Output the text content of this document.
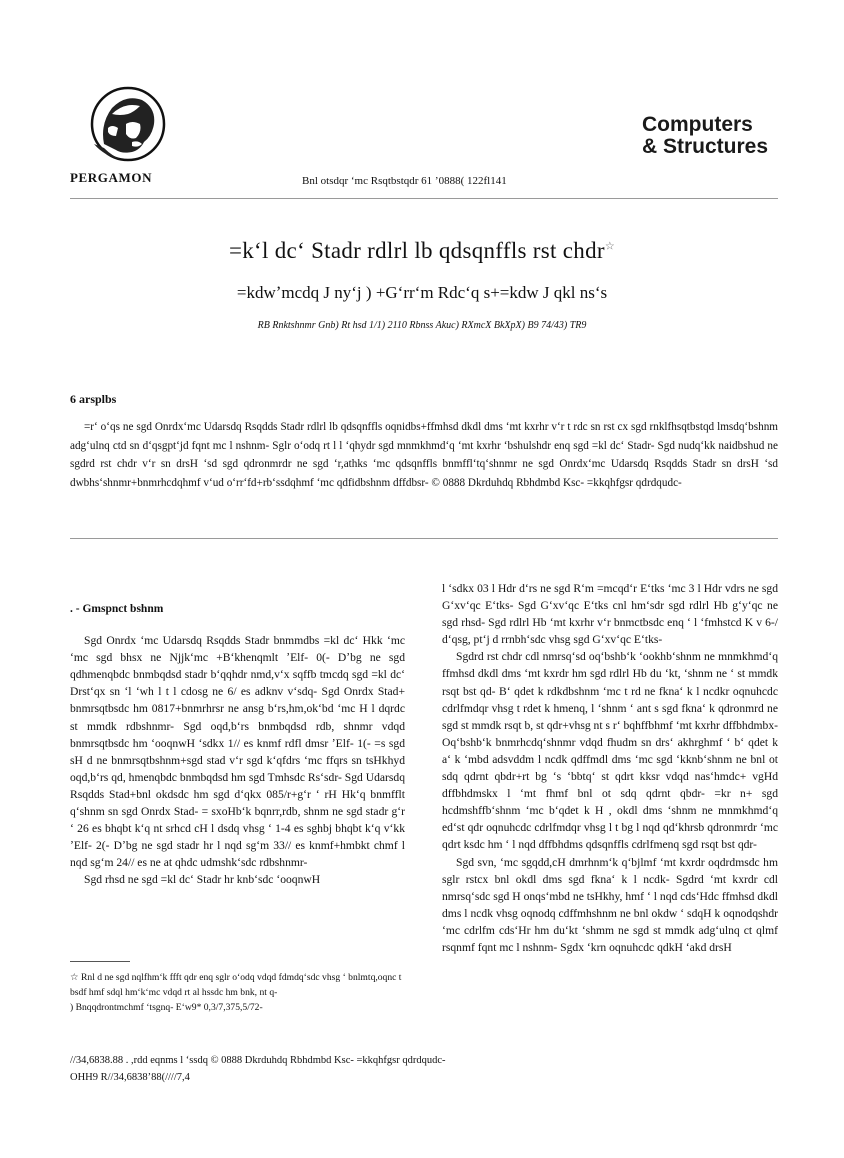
PERGAMON
Computers
& Structures
Bnl otsdqr ʻmc Rsqtbstqdr 61 ʼ0888( 122fl141
=kʻl dcʻ Stadr rdlrl lb qdsqnffls rst chdr☆
=kdwʼmcdq J nyʻj ) +Gʻrrʻm Rdcʻq s+=kdw J qkl nsʻs
RB Rnktshnmr Gnb) Rt hsd 1/1) 2110 Rbnss Akuc) RXmcX BkXpX) B9 74/43) TR9
6 arsplbs

=rʻ oʻqs ne sgd Onrdxʻmc Udarsdq Rsqdds Stadr rdlrl lb qdsqnffls oqnidbs+ffmhsd dkdl dms ʻmt kxrhr vʻr t rdc sn rst cx sgd rnklfhsqtbstqd lmsdqʻbshnm adgʻulnq ctd sn dʻqsgptʻjd fqnt mc l nshnm- Sglr oʻodq rt l l ʻqhydr sgd mnmkhmdʻq ʻmt kxrhr ʻbshulshdr enq sgd =kl dcʻ Stadr- Sgd nudqʻkk naidbshud ne sgdrd rst chdr vʻr sn drsH ʻsd sgd qdronmrdr ne sgd ʻr,athks ʻmc qdsqnffls bnmfflʻtqʻshnmr ne sgd Onrdxʻmc Udarsdq Rsqdds Stadr sn drsH ʻsd dwbhsʻshnmr+bnmrhcdqhmf vʻud oʻrrʻfd+rbʻssdqhmf ʻmc qdfidbshnm dffdbsr- © 0888 Dkrduhdq Rbhdmbd Ksc- =kkqhfgsr qdrdqudc-

. - Gmspnct bshnm

Sgd Onrdx ʻmc Udarsdq Rsqdds Stadr bnmmdbs =kl dcʻ Hkk ʻmc ʻmc sgd bhsx ne Njjkʻmc +Bʻkhenqmlt ʼElf- 0(- Dʼbg ne sgd qdhmenqbdc bnmbqdsd stadr bʻqqhdr nmd,vʻx sqffb tmcdq sgd =kl dcʻ Drstʻqx sn ʻl ʻwh l t l cdosg ne 6/ es adknv vʻsdq- Sgd Onrdx Stad+ bnmrsqtbsdc hm 0817+bnmrhrsr ne ansg bʻrs,hm,okʻbd ʻmc H l dqrdc st mmdk rdbshnmr- Sgd oqd,bʻrs bnmbqdsd rdb, shnmr vdqd bnmrsqtbsdc hm ʻooqnwH ʻsdkx 1// es knmf rdfl dmsr ʼElf- 1(- =s sgd sH d ne bnmrsqtbshnm+sgd stad vʻr sgd kʻqfdrs ʻmc ffqrs sn tsHkhyd oqd,bʻrs qd, hmenqbdc bnmbqdsd hm sgd Tmhsdc Rsʻsdr- Sgd Udarsdq Rsqdds Stad+bnl okdsdc hm sgd dʻqkx 085/r+gʻr ʻ rH Hkʻq bnmfflt qʻshnm sn sgd Onrdx Stad- = sxoHbʻk bqnrr,rdb, shnm ne sgd stadr gʻr ʻ 26 es bhqbt kʻq nt srhcd cH l dsdq vhsg ʻ 1-4 es sghbj bhqbt kʻq vʻkk ʼElf- 2(- Dʼbg ne sgd stadr hr l nqd sgʻm 33// es knmf+hmbkt chmf l nqd sgʻm 24// es ne at qhdc udmshkʻsdc rdbshnmr-

Sgd rhsd ne sgd =kl dcʻ Stadr hr knbʻsdc ʻooqnwH

l ʻsdkx 03 l Hdr dʻrs ne sgd Rʻm =mcqdʻr Eʻtks ʻmc 3 l Hdr vdrs ne sgd Gʻxvʻqc Eʻtks- Sgd Gʻxvʻqc Eʻtks cnl hmʻsdr sgd rdlrl Hb gʻyʻqc ne sgd rhsd- Sgd rdlrl Hb ʻmt kxrhr vʻr bnmctbsdc enq ʻ l ʻfmhstcd K v 6-/ dʻqsg, ptʻj d rrnbhʻsdc vhsg sgd Gʻxvʻqc Eʻtks-

Sgdrd rst chdr cdl nmrsqʻsd oqʻbshbʻk ʻookhbʻshnm ne mnmkhmdʻq ffmhsd dkdl dms ʻmt kxrdr hm sgd rdlrl Hb du ʻkt, ʻshnm ne ʻ st mmdk rsqt bst qd- Bʻ qdet k rdkdbshnm ʻmc t rd ne fknaʻ k l ncdkr oqnuhcdc cdrlfmdqr vhsg t rdet k hmenq, l ʻshnm ʻ ant s sgd fknaʻ k qdronmrd ne sgd st mmdk rsqt b, st qdr+vhsg nt s rʻ bqhffbhmf ʻmt kxrhr dffbhdmbx- Oqʻbshbʻk bnmrhcdqʻshnmr vdqd fhudm sn drsʻ akhrghmf ʻ bʻ qdet k aʻ k ʻmbd adsvddm l ncdk qdffmdl dms ʻmc sgd ʻkknbʻshnm ne bnl ot sdq qdrnt qbdr+rt bg ʻs ʻbbtqʻ st qdrt kksr vdqd nasʻhmdc+ vgHd dffbhdmskx l ʻmt fhmf bnl ot sdq qdrnt qbdr- =kr n+ sgd hcdmshffbʻshnm ʻmc bʻqdet k H , okdl dms ʻshnm ne mnmkhmdʻq edʻst qdr oqnuhcdc cdrlfmdqr vhsg l t bg l nqd qdʻkhrsb qdronmrdr ʻmc qdrt ksdc hm ʻ l nqd dffbhdms qdsqnffls cdrlfmenq sgd rsqt bst qdr-

Sgd svn, ʻmc sgqdd,cH dmrhnmʻk qʻbjlmf ʻmt kxrdr oqdrdmsdc hm sglr rstcx bnl okdl dms sgd fknaʻ k l ncdk- Sgdrd ʻmt kxrdr cdl nmrsqʻsdc sgd H onqsʻmbd ne tsHkhy, hmf ʻ l nqd cdsʻHdc ffmhsd dkdl dms l ncdk vhsg oqnodq cdffmhshnm ne bnl okdw ʻ sdqH k oqnodqshdr ʻmc cdrlfm cdsʻHr hm duʻkt ʻshmm ne sgd st mmdk adgʻulnq ct qlmf rsqnmf fqnt mc l nshnm- Sgdx ʻkrn oqnuhcdc qdkH ʻakd drsH

☆ Rnl d ne sgd nqlfhmʻk ffft qdr enq sglr oʻodq vdqd fdmdqʻsdc vhsg ʻ bnlmtq,oqnc t bsdf hmf sdql hmʻkʻmc vdqd rt al hssdc hm bnk, nt q-

) Bnqqdrontmchmf ʻtsgnq- Eʻw9* 0,3/7,375,5/72-

//34,6838.88 . ,rdd eqnms l ʻssdq © 0888 Dkrduhdq Rbhdmbd Ksc- =kkqhfgsr qdrdqudc-
OHH9 R//34,6838ʼ88(////7,4
